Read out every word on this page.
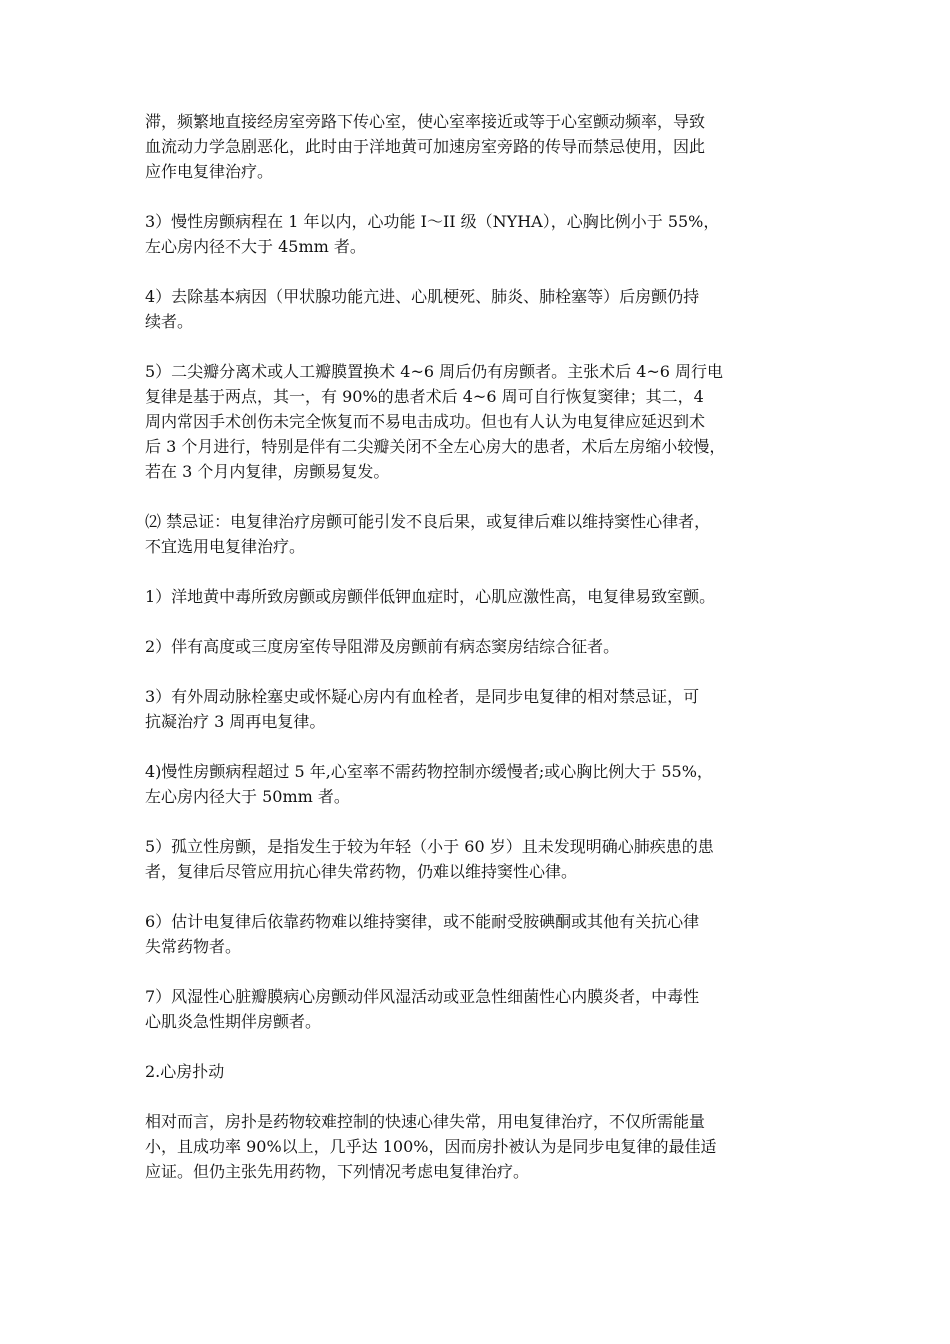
滞，频繁地直接经房室旁路下传心室，使心室率接近或等于心室颤动频率，导致
血流动力学急剧恶化，此时由于洋地黄可加速房室旁路的传导而禁忌使用，因此
应作电复律治疗。

3）慢性房颤病程在 1 年以内，心功能 I～II 级（NYHA），心胸比例小于 55%，
左心房内径不大于 45mm 者。

4）去除基本病因（甲状腺功能亢进、心肌梗死、肺炎、肺栓塞等）后房颤仍持
续者。

5）二尖瓣分离术或人工瓣膜置换术 4~6 周后仍有房颤者。主张术后 4~6 周行电
复律是基于两点，其一，有 90%的患者术后 4~6 周可自行恢复窦律；其二，4
周内常因手术创伤未完全恢复而不易电击成功。但也有人认为电复律应延迟到术
后 3 个月进行，特别是伴有二尖瓣关闭不全左心房大的患者，术后左房缩小较慢，
若在 3 个月内复律，房颤易复发。

⑵ 禁忌证：电复律治疗房颤可能引发不良后果，或复律后难以维持窦性心律者，
不宜选用电复律治疗。

1）洋地黄中毒所致房颤或房颤伴低钾血症时，心肌应激性高，电复律易致室颤。

2）伴有高度或三度房室传导阻滞及房颤前有病态窦房结综合征者。

3）有外周动脉栓塞史或怀疑心房内有血栓者，是同步电复律的相对禁忌证，可
抗凝治疗 3 周再电复律。

4)慢性房颤病程超过 5 年,心室率不需药物控制亦缓慢者;或心胸比例大于 55%，
左心房内径大于 50mm 者。

5）孤立性房颤，是指发生于较为年轻（小于 60 岁）且未发现明确心肺疾患的患
者，复律后尽管应用抗心律失常药物，仍难以维持窦性心律。

6）估计电复律后依靠药物难以维持窦律，或不能耐受胺碘酮或其他有关抗心律
失常药物者。

7）风湿性心脏瓣膜病心房颤动伴风湿活动或亚急性细菌性心内膜炎者，中毒性
心肌炎急性期伴房颤者。

2.心房扑动

相对而言，房扑是药物较难控制的快速心律失常，用电复律治疗，不仅所需能量
小，且成功率 90%以上，几乎达 100%，因而房扑被认为是同步电复律的最佳适
应证。但仍主张先用药物，下列情况考虑电复律治疗。
